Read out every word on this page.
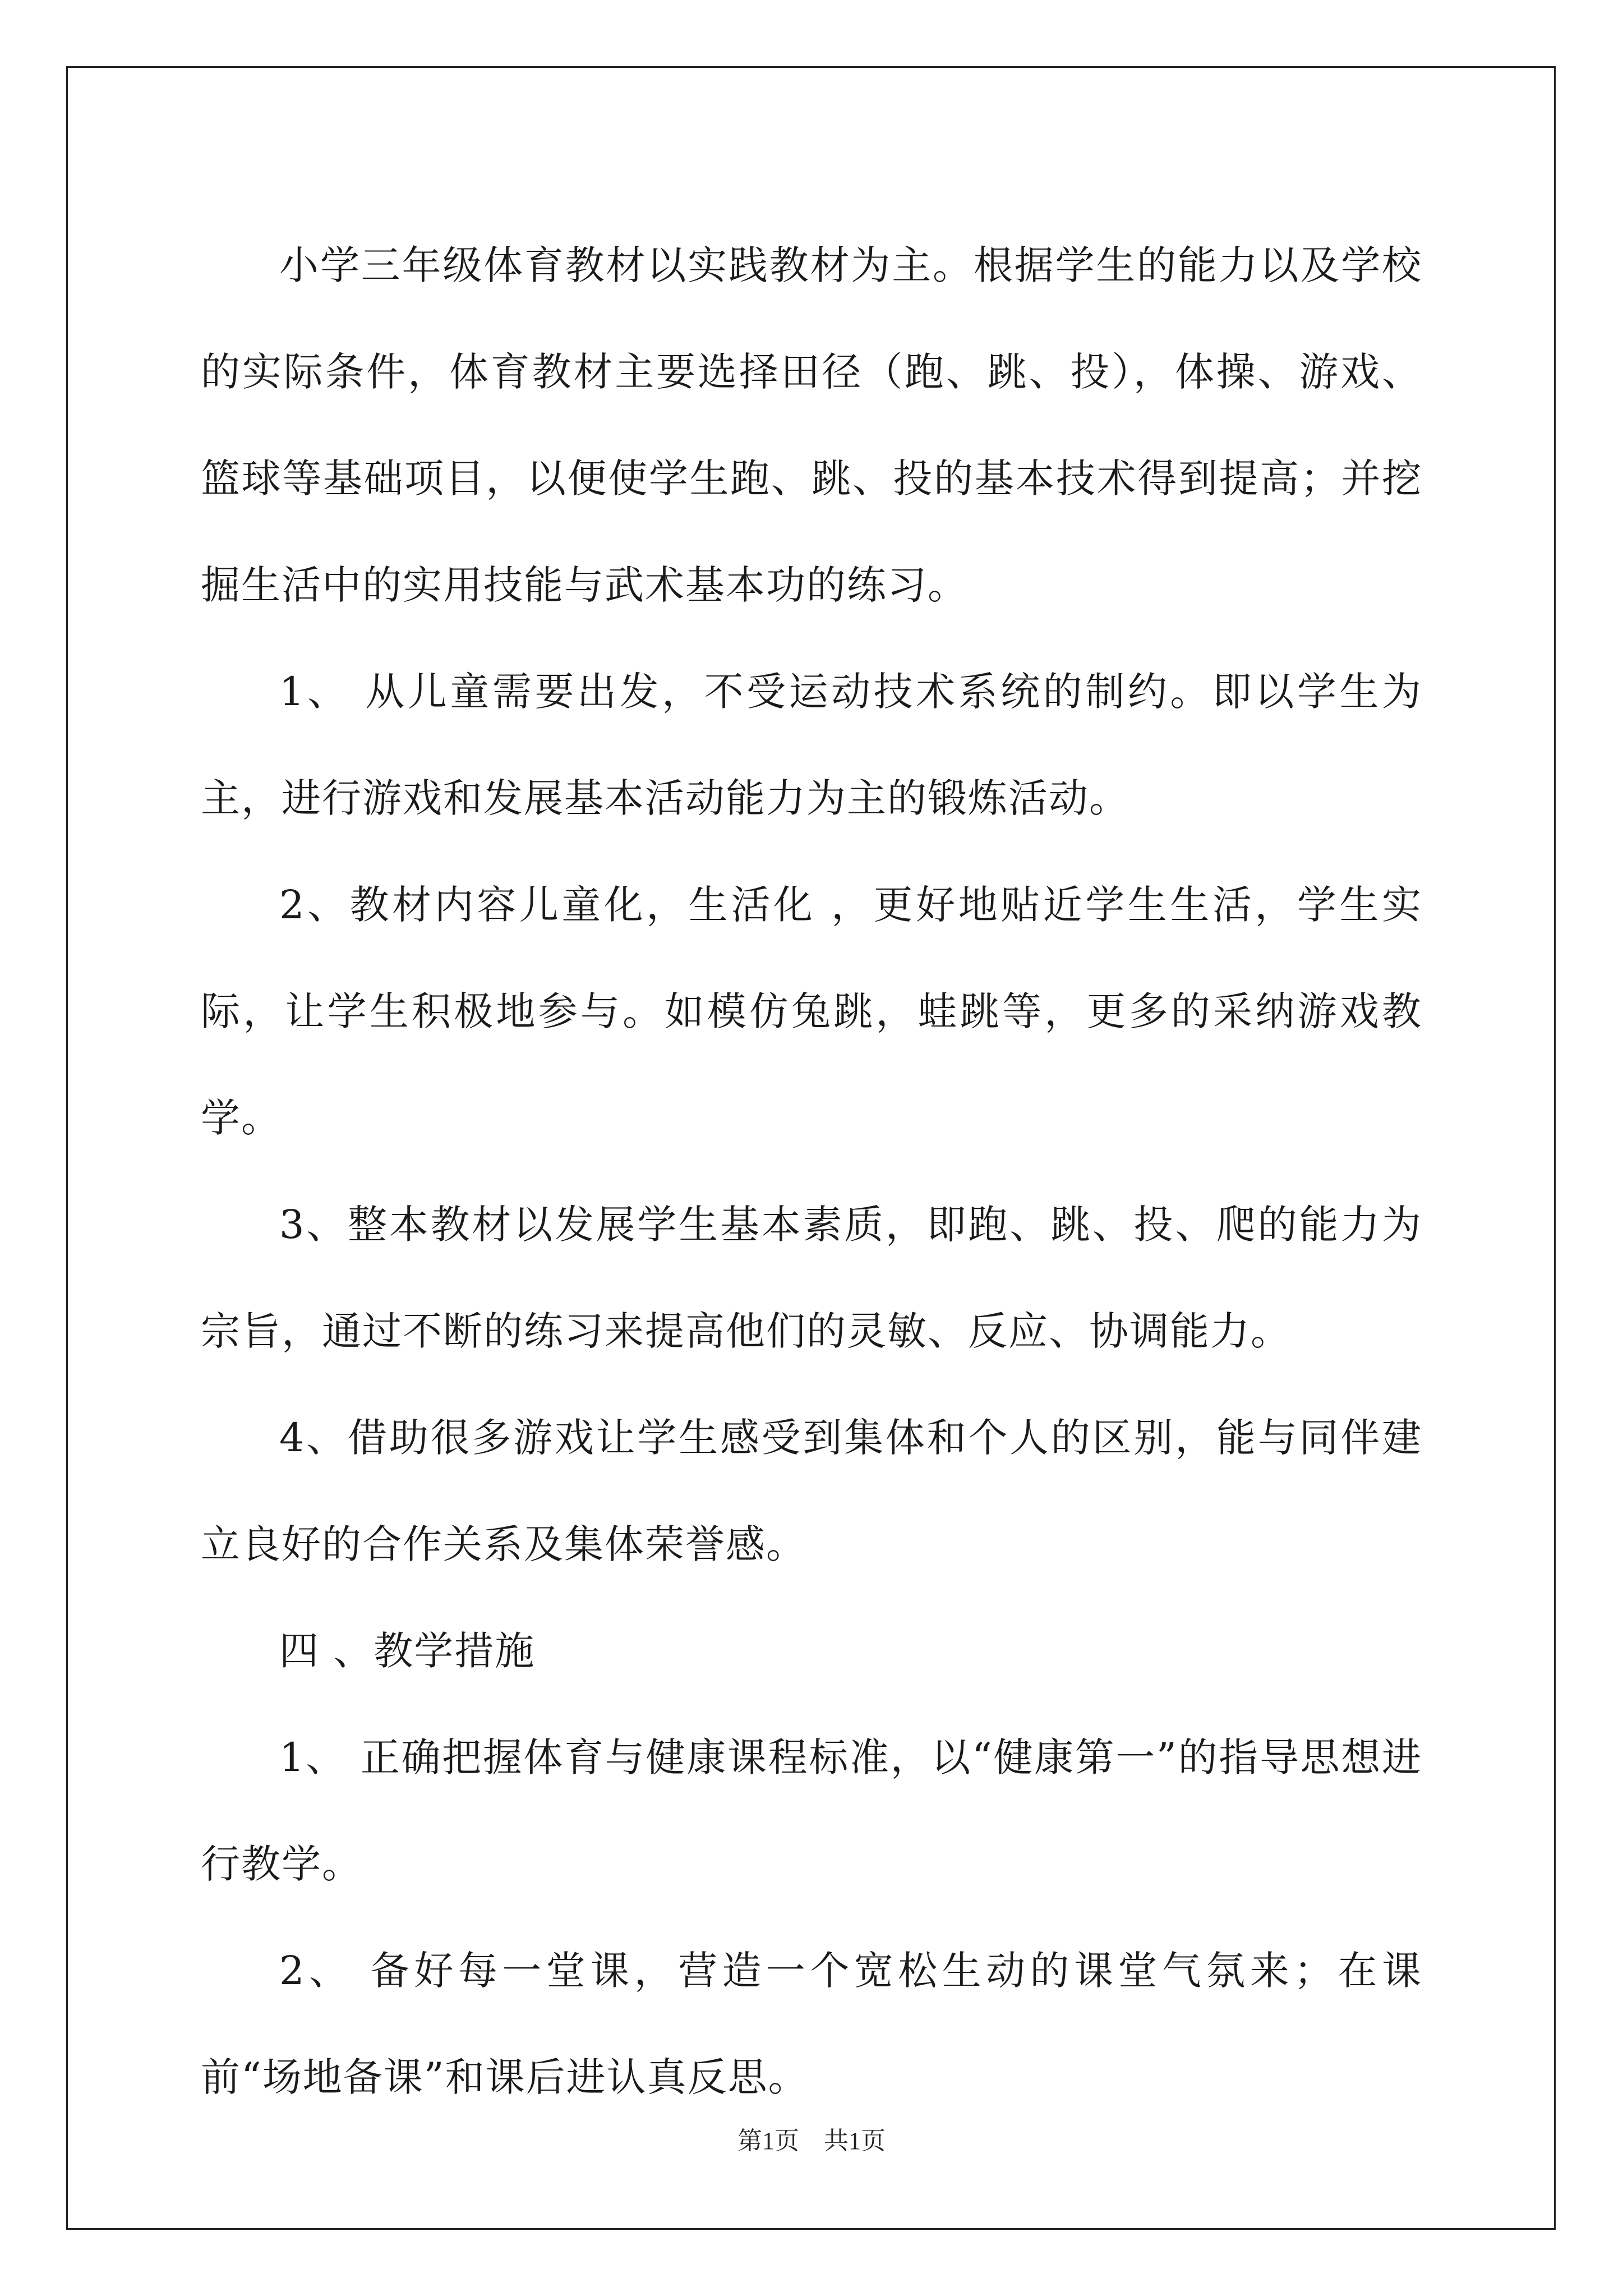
小学三年级体育教材以实践教材为主。根据学生的能力以及学校的实际条件，体育教材主要选择田径（跑、跳、投），体操、游戏、篮球等基础项目，以便使学生跑、跳、投的基本技术得到提高；并挖掘生活中的实用技能与武术基本功的练习。

1、 从儿童需要出发，不受运动技术系统的制约。即以学生为主，进行游戏和发展基本活动能力为主的锻炼活动。

2、教材内容儿童化，生活化 ，更好地贴近学生生活，学生实际，让学生积极地参与。如模仿兔跳，蛙跳等，更多的采纳游戏教学。

3、整本教材以发展学生基本素质，即跑、跳、投、爬的能力为宗旨，通过不断的练习来提高他们的灵敏、反应、协调能力。

4、借助很多游戏让学生感受到集体和个人的区别，能与同伴建立良好的合作关系及集体荣誉感。

四 、教学措施

1、 正确把握体育与健康课程标准，以“健康第一”的指导思想进行教学。

2、 备好每一堂课，营造一个宽松生动的课堂气氛来；在课前“场地备课”和课后进认真反思。

第1页　共1页
